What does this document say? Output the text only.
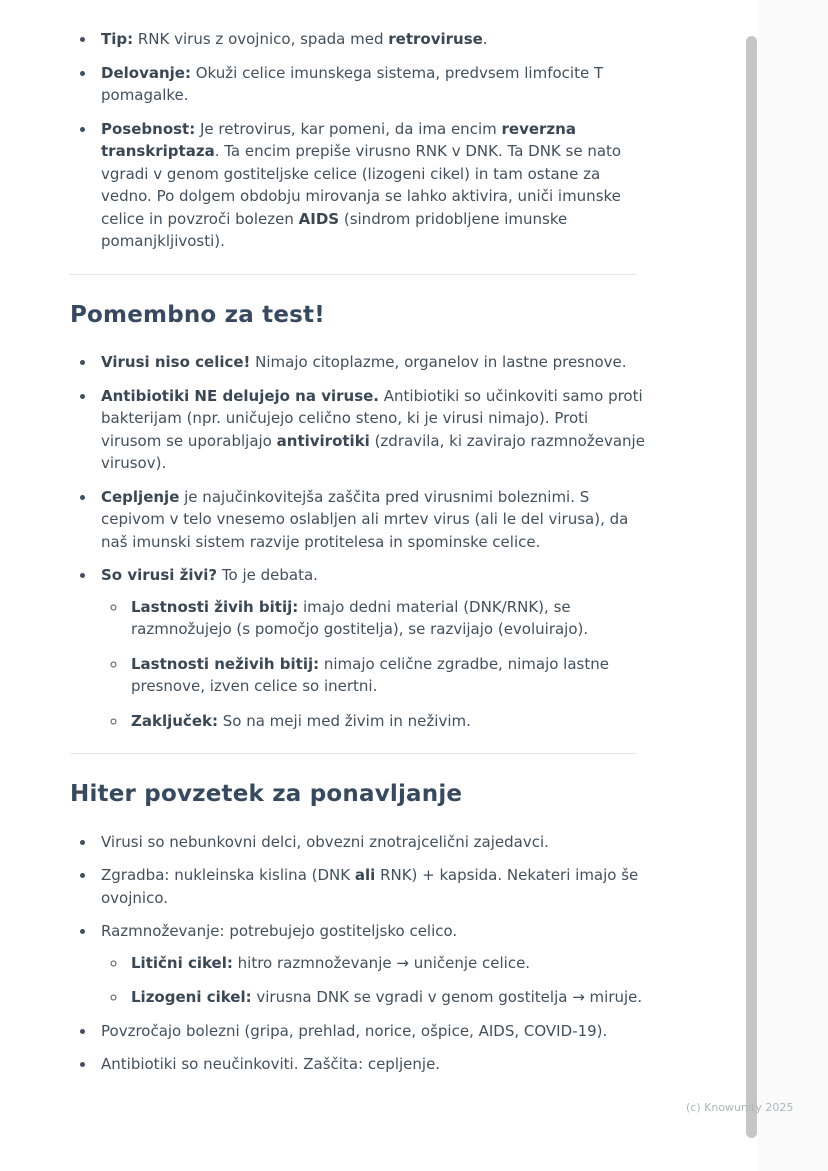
• Tip: RNK virus z ovojnico, spada med retroviruse.
• Delovanje: Okuži celice imunskega sistema, predvsem limfocite T pomagalke.
• Posebnost: Je retrovirus, kar pomeni, da ima encim reverzna transkriptaza. Ta encim prepiše virusno RNK v DNK. Ta DNK se nato vgradi v genom gostiteljske celice (lizogeni cikel) in tam ostane za vedno. Po dolgem obdobju mirovanja se lahko aktivira, uniči imunske celice in povzroči bolezen AIDS (sindrom pridobljene imunske pomanjkljivosti).
Pomembno za test!
• Virusi niso celice! Nimajo citoplazme, organelov in lastne presnove.
• Antibiotiki NE delujejo na viruse. Antibiotiki so učinkoviti samo proti bakterijam (npr. uničujejo celično steno, ki je virusi nimajo). Proti virusom se uporabljajo antivirotiki (zdravila, ki zavirajo razmnoževanje virusov).
• Cepljenje je najučinkovitejša zaščita pred virusnimi boleznimi. S cepivom v telo vnesemo oslabljen ali mrtev virus (ali le del virusa), da naš imunski sistem razvije protitelesa in spominske celice.
• So virusi živi? To je debata.
◦ Lastnosti živih bitij: imajo dedni material (DNK/RNK), se razmnožujejo (s pomočjo gostitelja), se razvijajo (evoluirajo).
◦ Lastnosti neživih bitij: nimajo celične zgradbe, nimajo lastne presnove, izven celice so inertni.
◦ Zaključek: So na meji med živim in neživim.
Hiter povzetek za ponavljanje
• Virusi so nebunkovni delci, obvezni znotrajcelični zajedavci.
• Zgradba: nukleinska kislina (DNK ali RNK) + kapsida. Nekateri imajo še ovojnico.
• Razmnoževanje: potrebujejo gostiteljsko celico.
◦ Litični cikel: hitro razmnoževanje → uničenje celice.
◦ Lizogeni cikel: virusna DNK se vgradi v genom gostitelja → miruje.
• Povzročajo bolezni (gripa, prehlad, norice, ošpice, AIDS, COVID-19).
• Antibiotiki so neučinkoviti. Zaščita: cepljenje.
(c) Knowunity 2025
